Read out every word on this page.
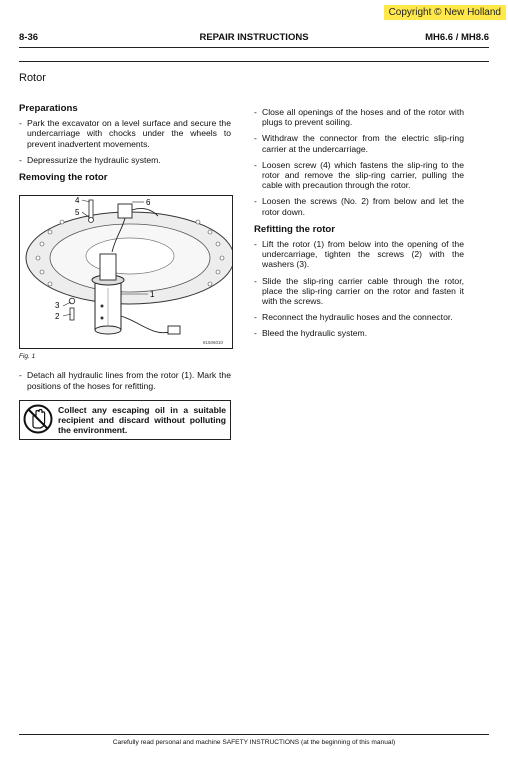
Copyright © New Holland
8-36	REPAIR INSTRUCTIONS	MH6.6 / MH8.6
Rotor
Preparations
- Park the excavator on a level surface and secure the undercarriage with chocks under the wheels to prevent inadvertent movements.
- Depressurize the hydraulic system.
Removing the rotor
4
5
6
1
3
2
81506010
Fig. 1
- Detach all hydraulic lines from the rotor (1). Mark the positions of the hoses for refitting.
Collect any escaping oil in a suitable recipient and discard without polluting the environment.
- Close all openings of the hoses and of the rotor with plugs to prevent soiling.
- Withdraw the connector from the electric slip-ring carrier at the undercarriage.
- Loosen screw (4) which fastens the slip-ring to the rotor and remove the slip-ring carrier, pulling the cable with precaution through the rotor.
- Loosen the screws (No. 2) from below and let the rotor down.
Refitting the rotor
- Lift the rotor (1) from below into the opening of the undercarriage, tighten the screws (2) with the washers (3).
- Slide the slip-ring carrier cable through the rotor, place the slip-ring carrier on the rotor and fasten it with the screws.
- Reconnect the hydraulic hoses and the connector.
- Bleed the hydraulic system.
Carefully read personal and machine SAFETY INSTRUCTIONS (at the beginning of this manual)
